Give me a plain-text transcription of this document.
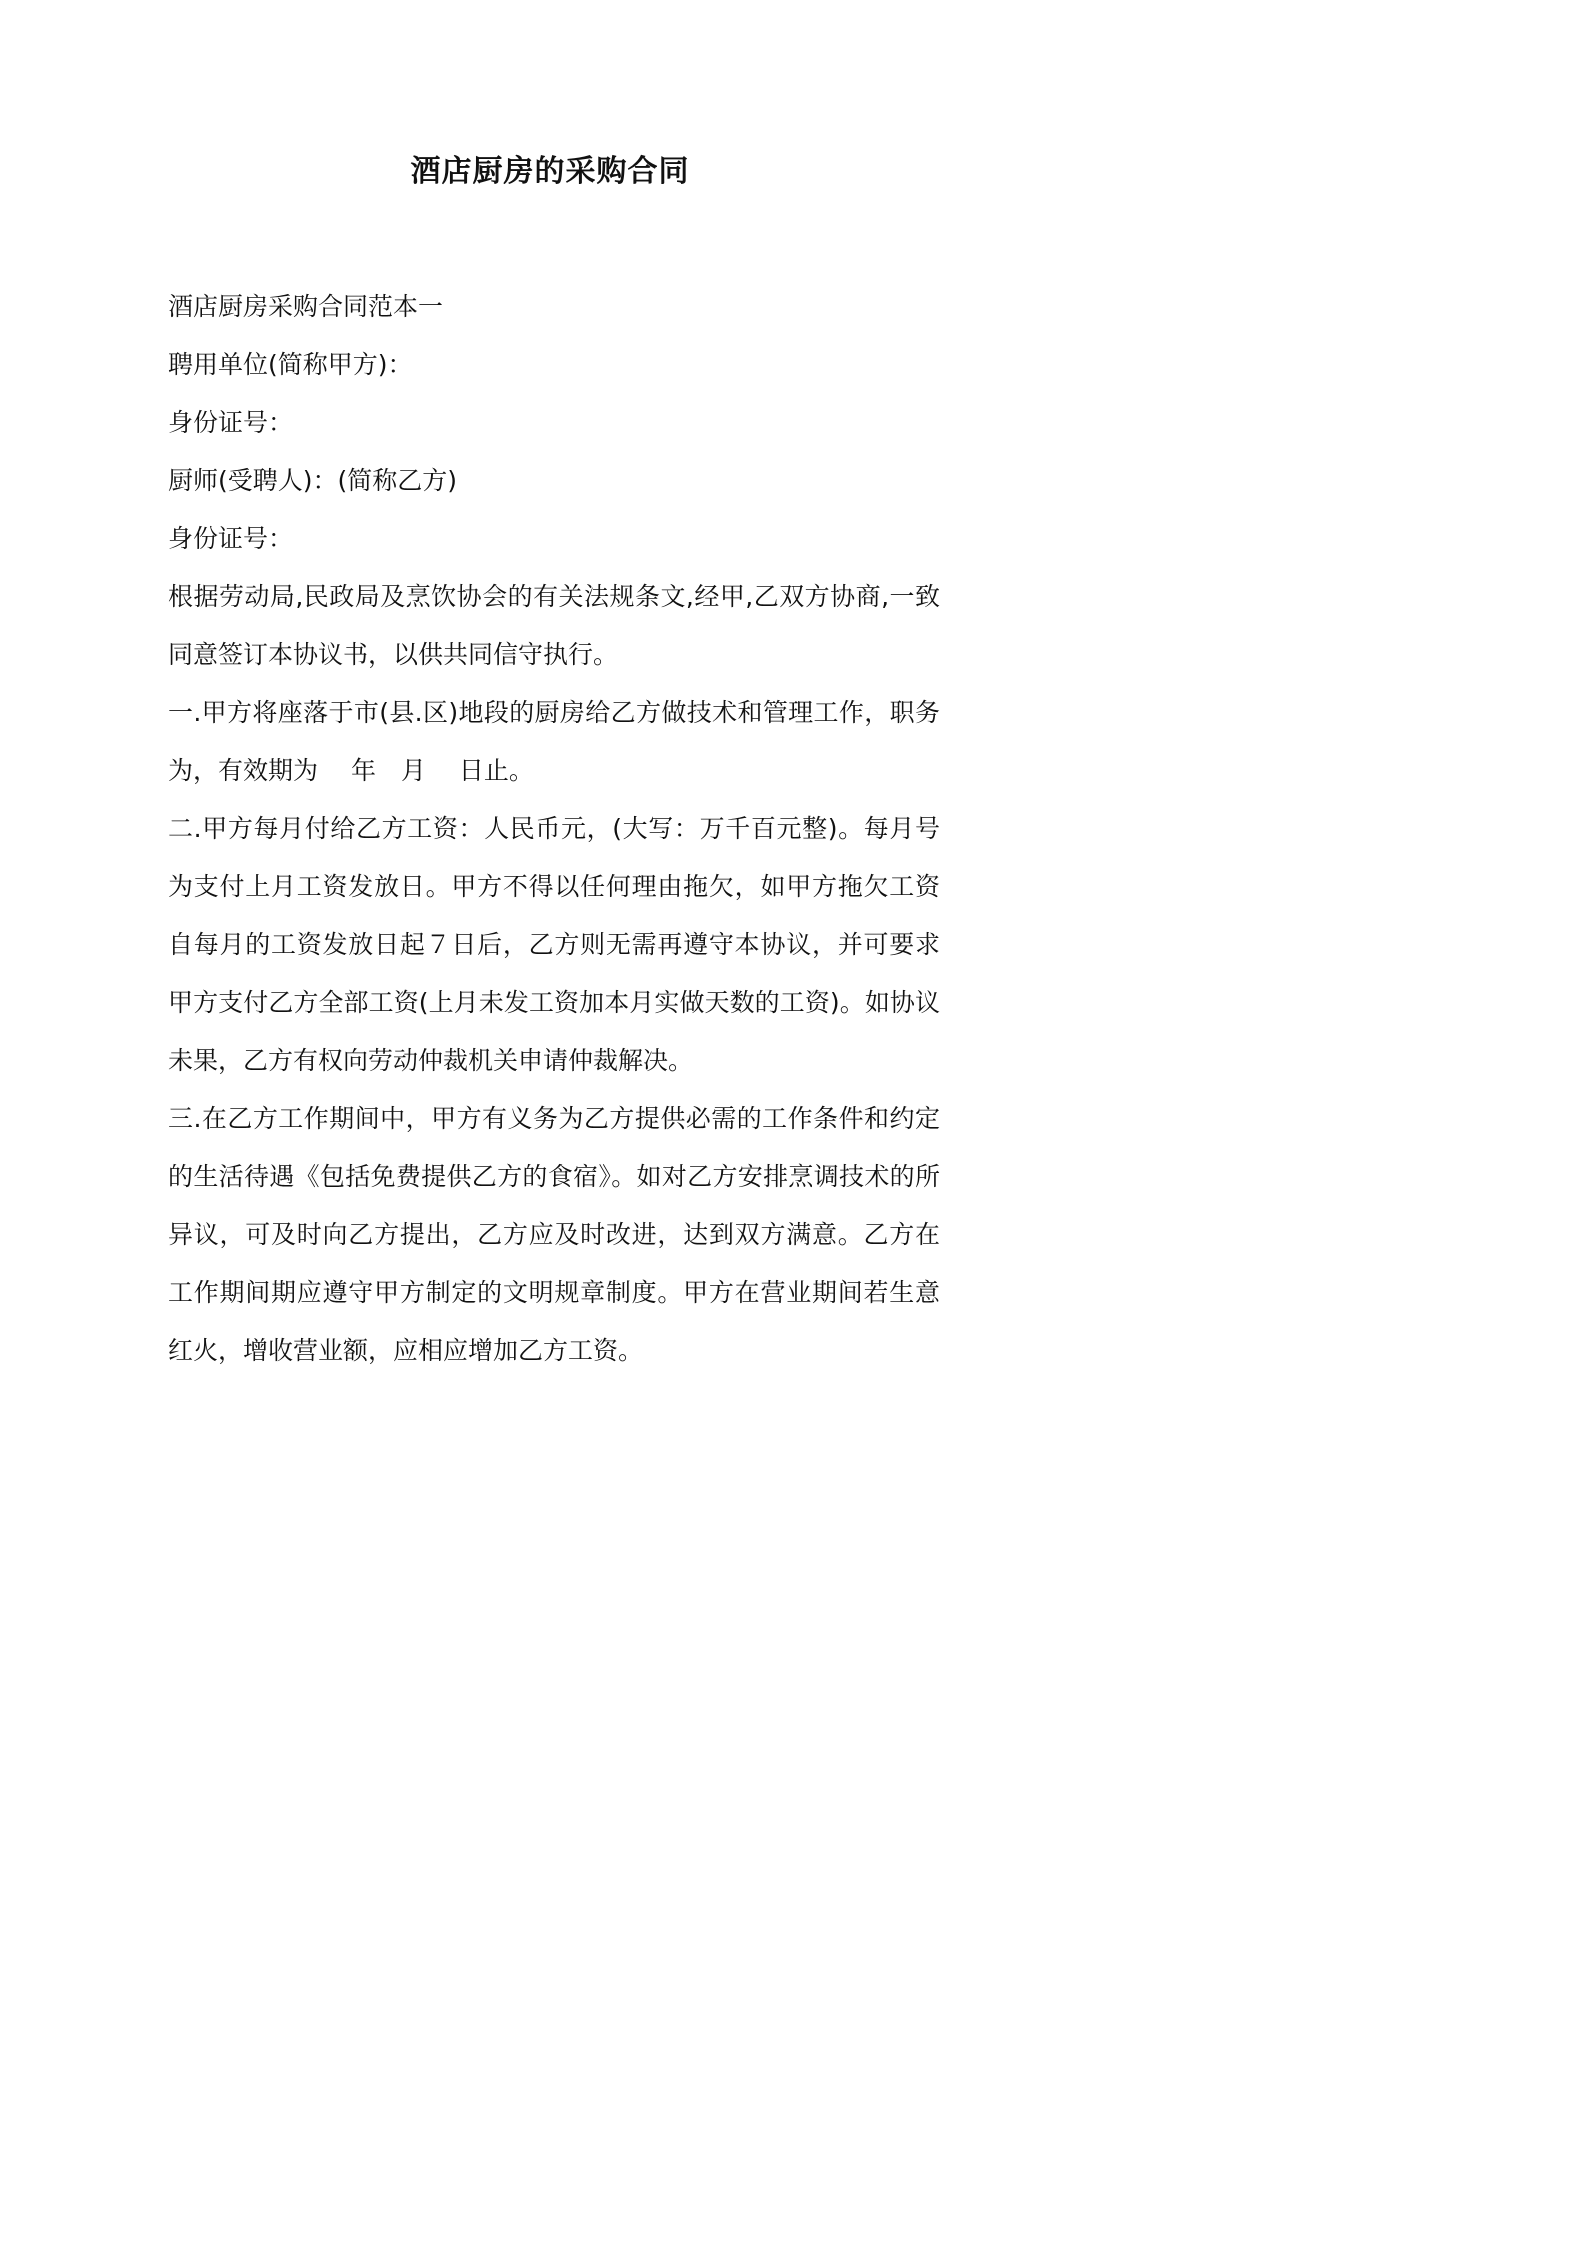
酒店厨房的采购合同

酒店厨房采购合同范本一

聘用单位(简称甲方)：

身份证号：

厨师(受聘人)：(简称乙方)

身份证号：

根据劳动局,民政局及烹饮协会的有关法规条文,经甲,乙双方协商,一致同意签订本协议书，以供共同信守执行。

一.甲方将座落于市(县.区)地段的厨房给乙方做技术和管理工作，职务为，有效期为　 年　月　 日止。

二.甲方每月付给乙方工资：人民币元，(大写：万千百元整)。每月号为支付上月工资发放日。甲方不得以任何理由拖欠，如甲方拖欠工资自每月的工资发放日起７日后，乙方则无需再遵守本协议，并可要求甲方支付乙方全部工资(上月未发工资加本月实做天数的工资)。如协议未果，乙方有权向劳动仲裁机关申请仲裁解决。

三.在乙方工作期间中，甲方有义务为乙方提供必需的工作条件和约定的生活待遇《包括免费提供乙方的食宿》。如对乙方安排烹调技术的所异议，可及时向乙方提出，乙方应及时改进，达到双方满意。乙方在工作期间期应遵守甲方制定的文明规章制度。甲方在营业期间若生意红火，增收营业额，应相应增加乙方工资。
